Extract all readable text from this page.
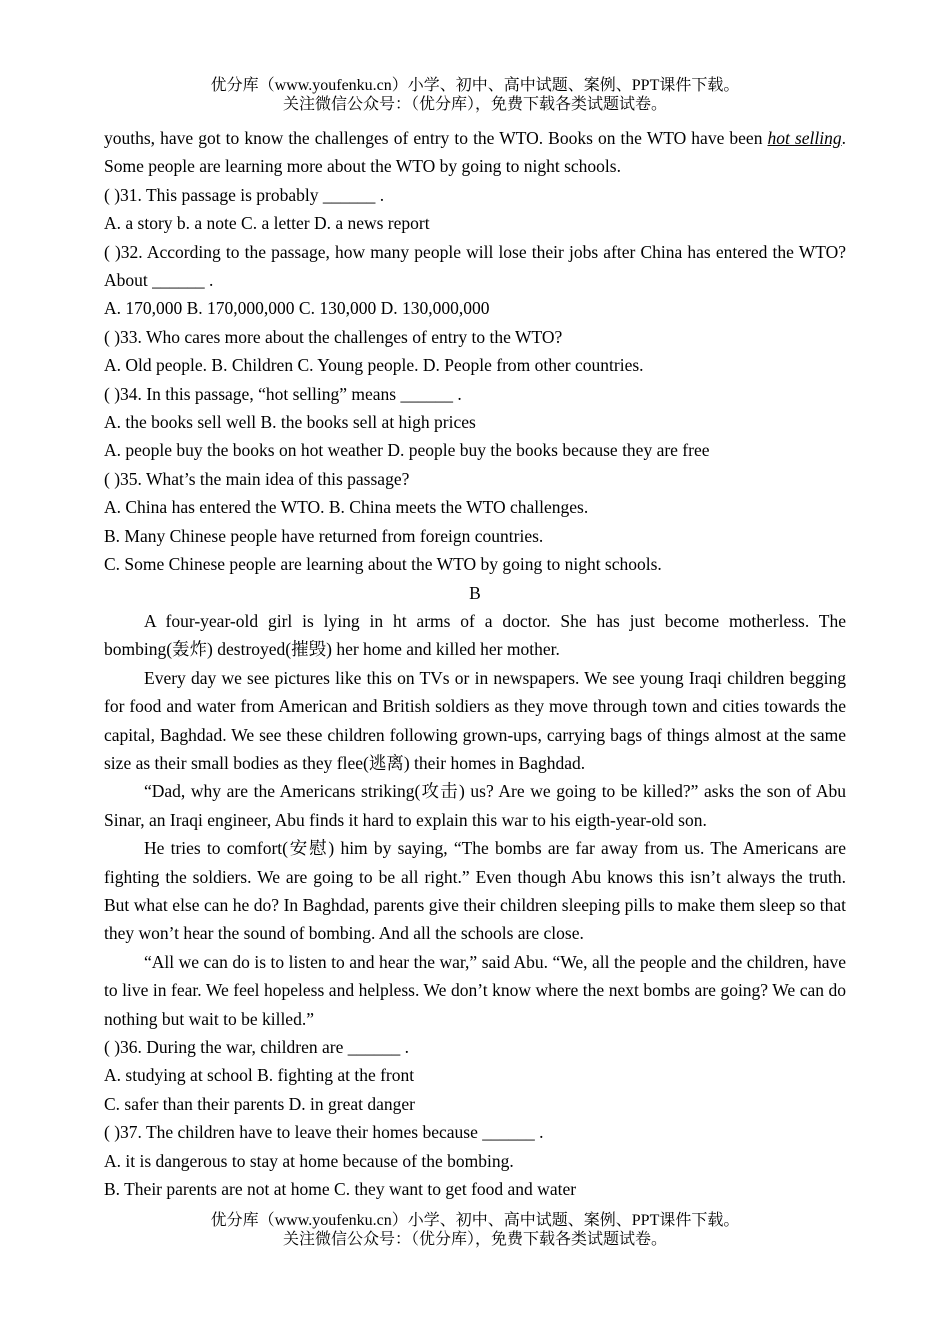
优分库（www.youfenku.cn）小学、初中、高中试题、案例、PPT课件下载。
关注微信公众号：（优分库），免费下载各类试题试卷。

youths, have got to know the challenges of entry to the WTO. Books on the WTO have been hot selling. Some people are learning more about the WTO by going to night schools.

( )31. This passage is probably ______ .

A. a story b. a note C. a letter D. a news report

( )32. According to the passage, how many people will lose their jobs after China has entered the WTO? About ______ .

A. 170,000 B. 170,000,000 C. 130,000 D. 130,000,000

( )33. Who cares more about the challenges of entry to the WTO?

A. Old people. B. Children C. Young people. D. People from other countries.

( )34. In this passage, “hot selling” means ______ .

A. the books sell well B. the books sell at high prices

A. people buy the books on hot weather D. people buy the books because they are free

( )35. What’s the main idea of this passage?

A. China has entered the WTO. B. China meets the WTO challenges.

B. Many Chinese people have returned from foreign countries.

C. Some Chinese people are learning about the WTO by going to night schools.

B

A four-year-old girl is lying in ht arms of a doctor. She has just become motherless. The bombing(轰炸) destroyed(摧毁) her home and killed her mother.

Every day we see pictures like this on TVs or in newspapers. We see young Iraqi children begging for food and water from American and British soldiers as they move through town and cities towards the capital, Baghdad. We see these children following grown-ups, carrying bags of things almost at the same size as their small bodies as they flee(逃离) their homes in Baghdad.

“Dad, why are the Americans striking(攻击) us? Are we going to be killed?” asks the son of Abu Sinar, an Iraqi engineer, Abu finds it hard to explain this war to his eigth-year-old son.

He tries to comfort(安慰) him by saying, “The bombs are far away from us. The Americans are fighting the soldiers. We are going to be all right.” Even though Abu knows this isn’t always the truth. But what else can he do? In Baghdad, parents give their children sleeping pills to make them sleep so that they won’t hear the sound of bombing. And all the schools are close.

“All we can do is to listen to and hear the war,” said Abu. “We, all the people and the children, have to live in fear. We feel hopeless and helpless. We don’t know where the next bombs are going? We can do nothing but wait to be killed.”

( )36. During the war, children are ______ .

A. studying at school B. fighting at the front

C. safer than their parents D. in great danger

( )37. The children have to leave their homes because ______ .

A. it is dangerous to stay at home because of the bombing.

B. Their parents are not at home C. they want to get food and water

优分库（www.youfenku.cn）小学、初中、高中试题、案例、PPT课件下载。
关注微信公众号：（优分库），免费下载各类试题试卷。
